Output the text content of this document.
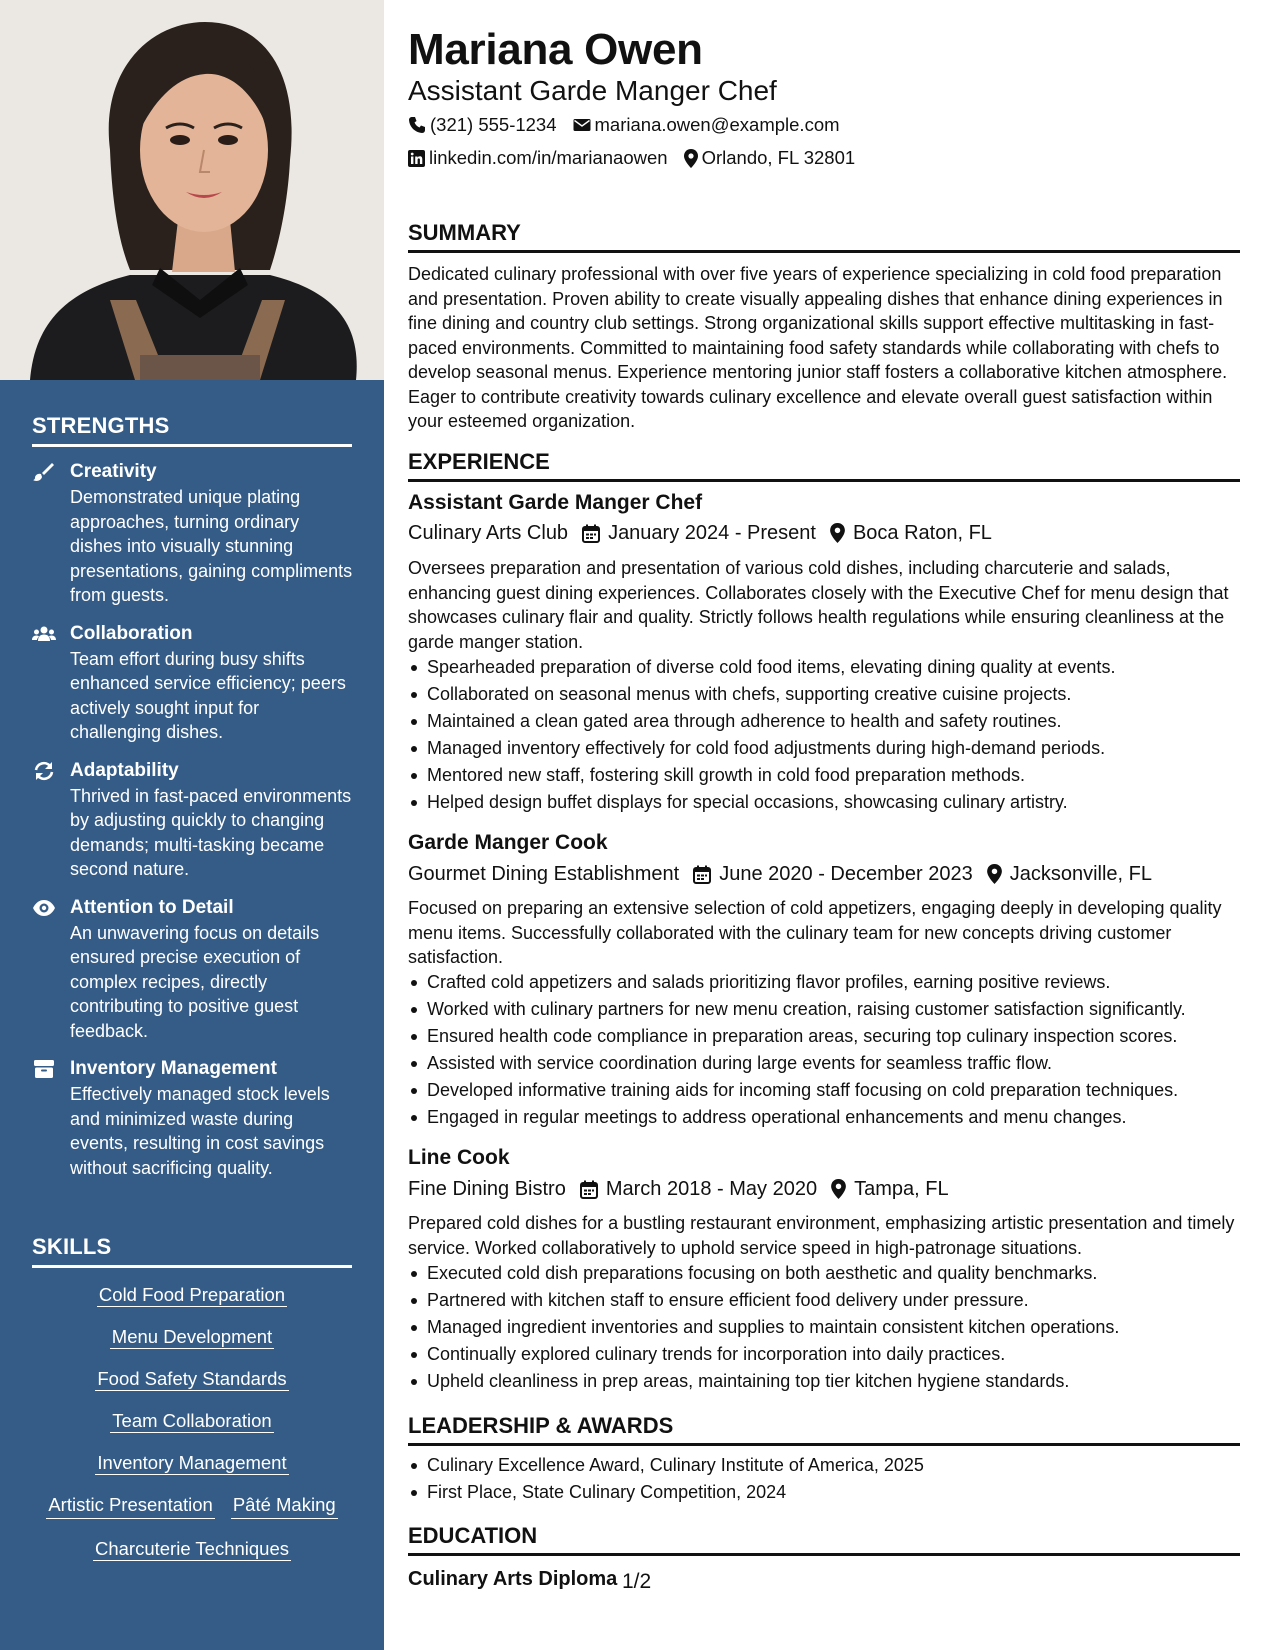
STRENGTHS
Creativity
Demonstrated unique plating approaches, turning ordinary dishes into visually stunning presentations, gaining compliments from guests.
Collaboration
Team effort during busy shifts enhanced service efficiency; peers actively sought input for challenging dishes.
Adaptability
Thrived in fast-paced environments by adjusting quickly to changing demands; multi-tasking became second nature.
Attention to Detail
An unwavering focus on details ensured precise execution of complex recipes, directly contributing to positive guest feedback.
Inventory Management
Effectively managed stock levels and minimized waste during events, resulting in cost savings without sacrificing quality.
SKILLS
Cold Food Preparation
Menu Development
Food Safety Standards
Team Collaboration
Inventory Management
Artistic Presentation Pâté Making
Charcuterie Techniques
Mariana Owen
Assistant Garde Manger Chef
(321) 555-1234 mariana.owen@example.com
linkedin.com/in/marianaowen Orlando, FL 32801
SUMMARY
Dedicated culinary professional with over five years of experience specializing in cold food preparation and presentation. Proven ability to create visually appealing dishes that enhance dining experiences in fine dining and country club settings. Strong organizational skills support effective multitasking in fast-paced environments. Committed to maintaining food safety standards while collaborating with chefs to develop seasonal menus. Experience mentoring junior staff fosters a collaborative kitchen atmosphere. Eager to contribute creativity towards culinary excellence and elevate overall guest satisfaction within your esteemed organization.
EXPERIENCE
Assistant Garde Manger Chef
Culinary Arts Club January 2024 - Present Boca Raton, FL
Oversees preparation and presentation of various cold dishes, including charcuterie and salads, enhancing guest dining experiences. Collaborates closely with the Executive Chef for menu design that showcases culinary flair and quality. Strictly follows health regulations while ensuring cleanliness at the garde manger station.
Spearheaded preparation of diverse cold food items, elevating dining quality at events.
Collaborated on seasonal menus with chefs, supporting creative cuisine projects.
Maintained a clean gated area through adherence to health and safety routines.
Managed inventory effectively for cold food adjustments during high-demand periods.
Mentored new staff, fostering skill growth in cold food preparation methods.
Helped design buffet displays for special occasions, showcasing culinary artistry.
Garde Manger Cook
Gourmet Dining Establishment June 2020 - December 2023 Jacksonville, FL
Focused on preparing an extensive selection of cold appetizers, engaging deeply in developing quality menu items. Successfully collaborated with the culinary team for new concepts driving customer satisfaction.
Crafted cold appetizers and salads prioritizing flavor profiles, earning positive reviews.
Worked with culinary partners for new menu creation, raising customer satisfaction significantly.
Ensured health code compliance in preparation areas, securing top culinary inspection scores.
Assisted with service coordination during large events for seamless traffic flow.
Developed informative training aids for incoming staff focusing on cold preparation techniques.
Engaged in regular meetings to address operational enhancements and menu changes.
Line Cook
Fine Dining Bistro March 2018 - May 2020 Tampa, FL
Prepared cold dishes for a bustling restaurant environment, emphasizing artistic presentation and timely service. Worked collaboratively to uphold service speed in high-patronage situations.
Executed cold dish preparations focusing on both aesthetic and quality benchmarks.
Partnered with kitchen staff to ensure efficient food delivery under pressure.
Managed ingredient inventories and supplies to maintain consistent kitchen operations.
Continually explored culinary trends for incorporation into daily practices.
Upheld cleanliness in prep areas, maintaining top tier kitchen hygiene standards.
LEADERSHIP & AWARDS
Culinary Excellence Award, Culinary Institute of America, 2025
First Place, State Culinary Competition, 2024
EDUCATION
Culinary Arts Diploma 1/2
